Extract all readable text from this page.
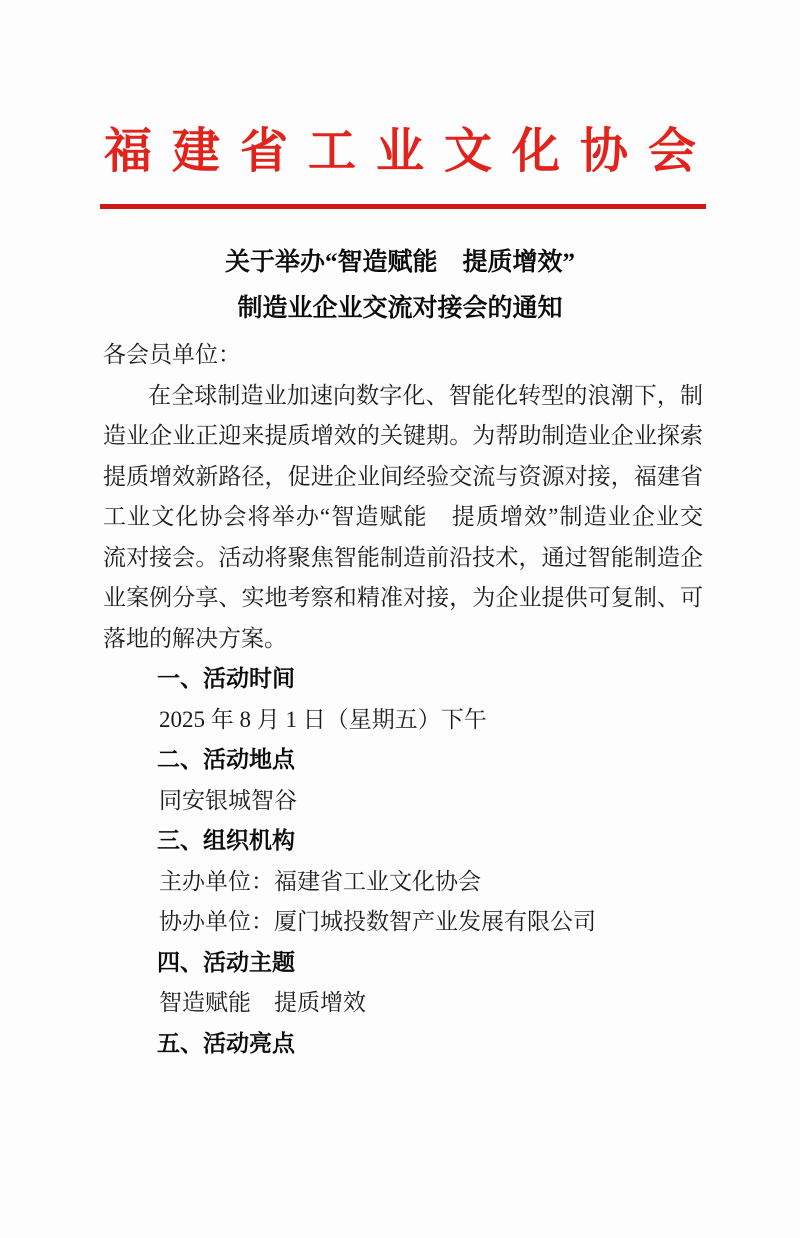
福建省工业文化协会
关于举办“智造赋能　提质增效”
制造业企业交流对接会的通知
各会员单位：
在全球制造业加速向数字化、智能化转型的浪潮下，制
造业企业正迎来提质增效的关键期。为帮助制造业企业探索
提质增效新路径，促进企业间经验交流与资源对接，福建省
工业文化协会将举办“智造赋能　提质增效”制造业企业交
流对接会。活动将聚焦智能制造前沿技术，通过智能制造企
业案例分享、实地考察和精准对接，为企业提供可复制、可
落地的解决方案。
一、活动时间
2025 年 8 月 1 日（星期五）下午
二、活动地点
同安银城智谷
三、组织机构
主办单位：福建省工业文化协会
协办单位：厦门城投数智产业发展有限公司
四、活动主题
智造赋能　提质增效
五、活动亮点
